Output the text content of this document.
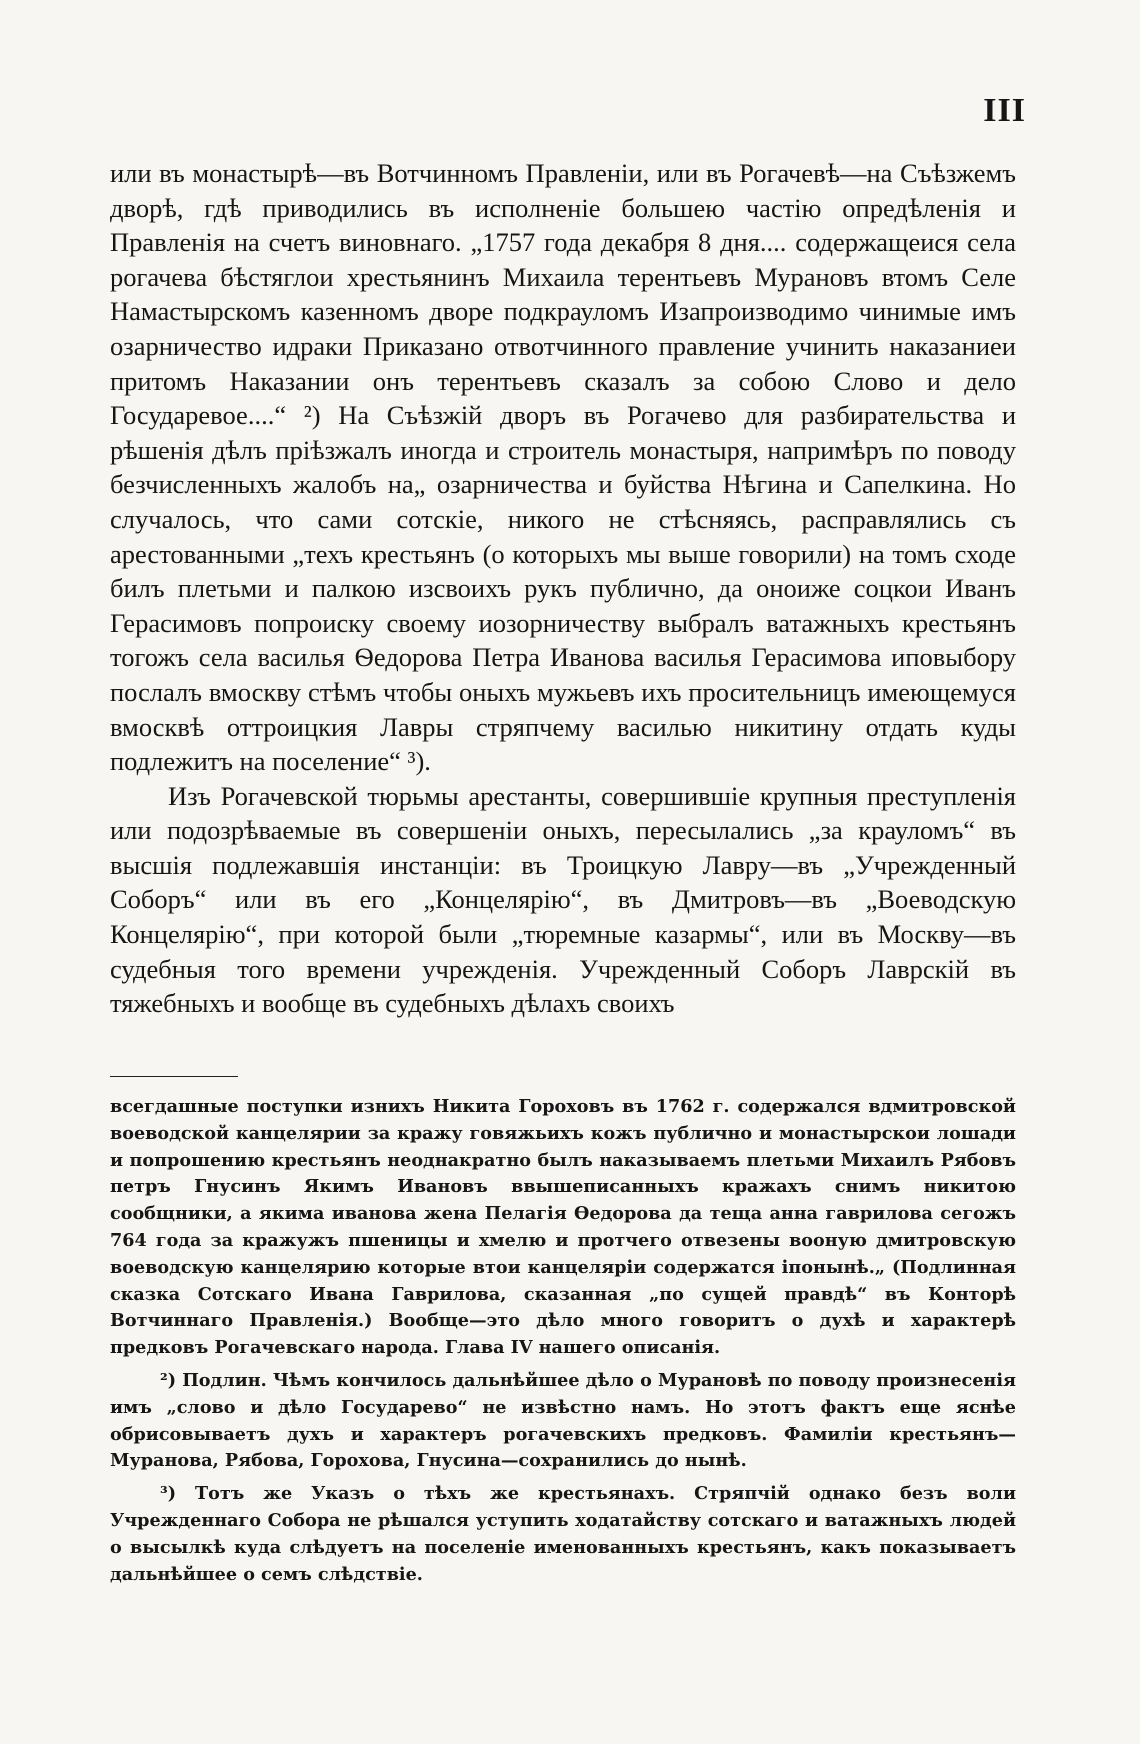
III

или въ монастырѣ—въ Вотчинномъ Правленіи, или въ Рогачевѣ—на Съѣзжемъ дворѣ, гдѣ приводились въ исполненіе большею частію опредѣленія и Правленія на счетъ виновнаго. „1757 года декабря 8 дня.... содержащеися села рогачева бѣстяглои хрестьянинъ Михаила терентьевъ Мурановъ втомъ Селе Намастырскомъ казенномъ дворе подкрауломъ Изапроизводимо чинимые имъ озарничество идраки Приказано отвотчинного правление учинить наказаниеи притомъ Наказании онъ терентьевъ сказалъ за собою Слово и дело Государевое....“ ²) На Съѣзжій дворъ въ Рогачево для разбирательства и рѣшенія дѣлъ пріѣзжалъ иногда и строитель монастыря, напримѣръ по поводу безчисленныхъ жалобъ на„ озарничества и буйства Нѣгина и Сапелкина. Но случалось, что сами сотскіе, никого не стѣсняясь, расправлялись съ арестованными „техъ крестьянъ (о которыхъ мы выше говорили) на томъ сходе билъ плетьми и палкою изсвоихъ рукъ публично, да оноиже соцкои Иванъ Герасимовъ попроиску своему иозорничеству выбралъ ватажныхъ крестьянъ тогожъ села василья Ѳедорова Петра Иванова василья Герасимова иповыбору послалъ вмоскву стѣмъ чтобы оныхъ мужьевъ ихъ просительницъ имеющемуся вмосквѣ оттроицкия Лавры стряпчему василью никитину отдать куды подлежитъ на поселение“ ³).

Изъ Рогачевской тюрьмы арестанты, совершившіе крупныя преступленія или подозрѣваемые въ совершеніи оныхъ, пересылались „за крауломъ“ въ высшія подлежавшія инстанціи: въ Троицкую Лавру—въ „Учрежденный Соборъ“ или въ его „Концелярію“, въ Дмитровъ—въ „Воеводскую Концелярію“, при которой были „тюремные казармы“, или въ Москву—въ судебныя того времени учрежденія. Учрежденный Соборъ Лаврскій въ тяжебныхъ и вообще въ судебныхъ дѣлахъ своихъ

всегдашные поступки изнихъ Никита Гороховъ въ 1762 г. содержался вдмитровской воеводской канцелярии за кражу говяжьихъ кожъ публично и монастырскои лошади и попрошению крестьянъ неоднакратно былъ наказываемъ плетьми Михаилъ Рябовъ петръ Гнусинъ Якимъ Ивановъ ввышеписанныхъ кражахъ снимъ никитою сообщники, а якима иванова жена Пелагія Ѳедорова да теща анна гаврилова сегожъ 764 года за кражужъ пшеницы и хмелю и протчего отвезены вооную дмитровскую воеводскую канцелярию которые втои канцелярiи содержатся iпонынѣ.„ (Подлинная сказка Сотскаго Ивана Гаврилова, сказанная „по сущей правдѣ“ въ Конторѣ Вотчиннаго Правленія.) Вообще—это дѣло много говоритъ о духѣ и характерѣ предковъ Рогачевскаго народа. Глава IV нашего описанія.

²) Подлин. Чѣмъ кончилось дальнѣйшее дѣло о Мурановѣ по поводу произнесенія имъ „слово и дѣло Государево“ не извѣстно намъ. Но этотъ фактъ еще яснѣе обрисовываетъ духъ и характеръ рогачевскихъ предковъ. Фамиліи крестьянъ—Муранова, Рябова, Горохова, Гнусина—сохранились до нынѣ.

³) Тотъ же Указъ о тѣхъ же крестьянахъ. Стряпчій однако безъ воли Учрежденнаго Собора не рѣшался уступить ходатайству сотскаго и ватажныхъ людей о высылкѣ куда слѣдуетъ на поселеніе именованныхъ крестьянъ, какъ показываетъ дальнѣйшее о семъ слѣдствіе.
